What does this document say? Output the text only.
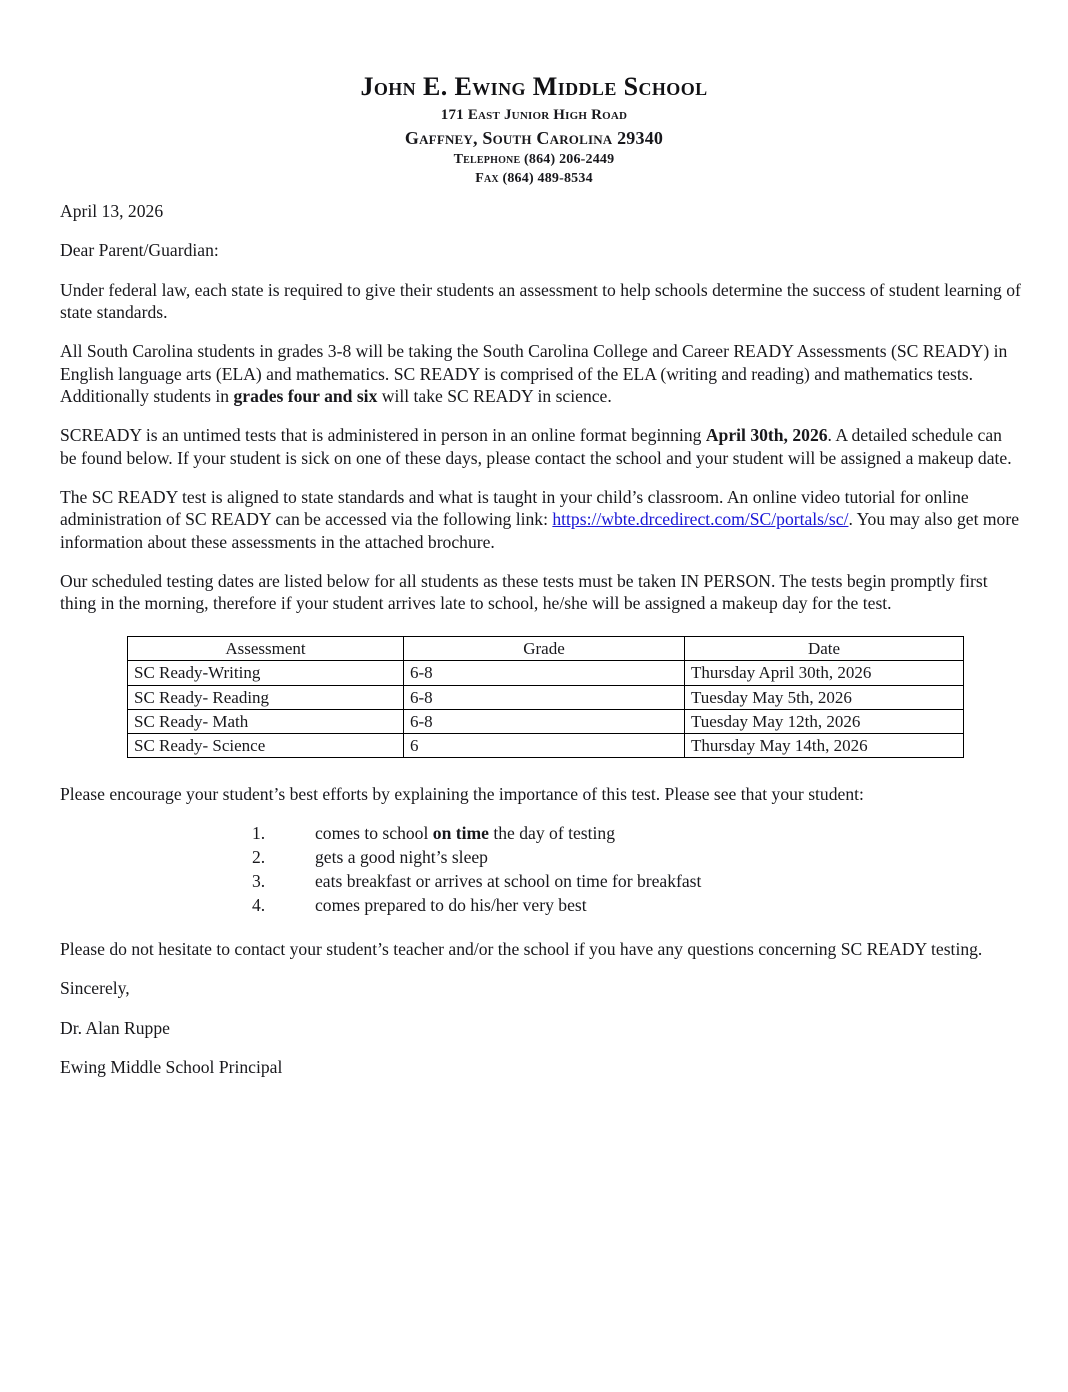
John E. Ewing Middle School
171 East Junior High Road
Gaffney, South Carolina 29340
Telephone (864) 206-2449
Fax (864) 489-8534

April 13, 2026

Dear Parent/Guardian:

Under federal law, each state is required to give their students an assessment to help schools determine the success of student learning of state standards.

All South Carolina students in grades 3-8 will be taking the South Carolina College and Career READY Assessments (SC READY) in English language arts (ELA) and mathematics. SC READY is comprised of the ELA (writing and reading) and mathematics tests. Additionally students in grades four and six will take SC READY in science.

SCREADY is an untimed tests that is administered in person in an online format beginning April 30th, 2026. A detailed schedule can be found below. If your student is sick on one of these days, please contact the school and your student will be assigned a makeup date.

The SC READY test is aligned to state standards and what is taught in your child’s classroom. An online video tutorial for online administration of SC READY can be accessed via the following link: https://wbte.drcedirect.com/SC/portals/sc/. You may also get more information about these assessments in the attached brochure.

Our scheduled testing dates are listed below for all students as these tests must be taken IN PERSON. The tests begin promptly first thing in the morning, therefore if your student arrives late to school, he/she will be assigned a makeup day for the test.

Assessment	Grade	Date
SC Ready-Writing	6-8	Thursday April 30th, 2026
SC Ready- Reading	6-8	Tuesday May 5th, 2026
SC Ready- Math	6-8	Tuesday May 12th, 2026
SC Ready- Science	6	Thursday May 14th, 2026

Please encourage your student’s best efforts by explaining the importance of this test. Please see that your student:

1.	comes to school on time the day of testing
2.	gets a good night’s sleep
3.	eats breakfast or arrives at school on time for breakfast
4.	comes prepared to do his/her very best

Please do not hesitate to contact your student’s teacher and/or the school if you have any questions concerning SC READY testing.

Sincerely,

Dr. Alan Ruppe

Ewing Middle School Principal
